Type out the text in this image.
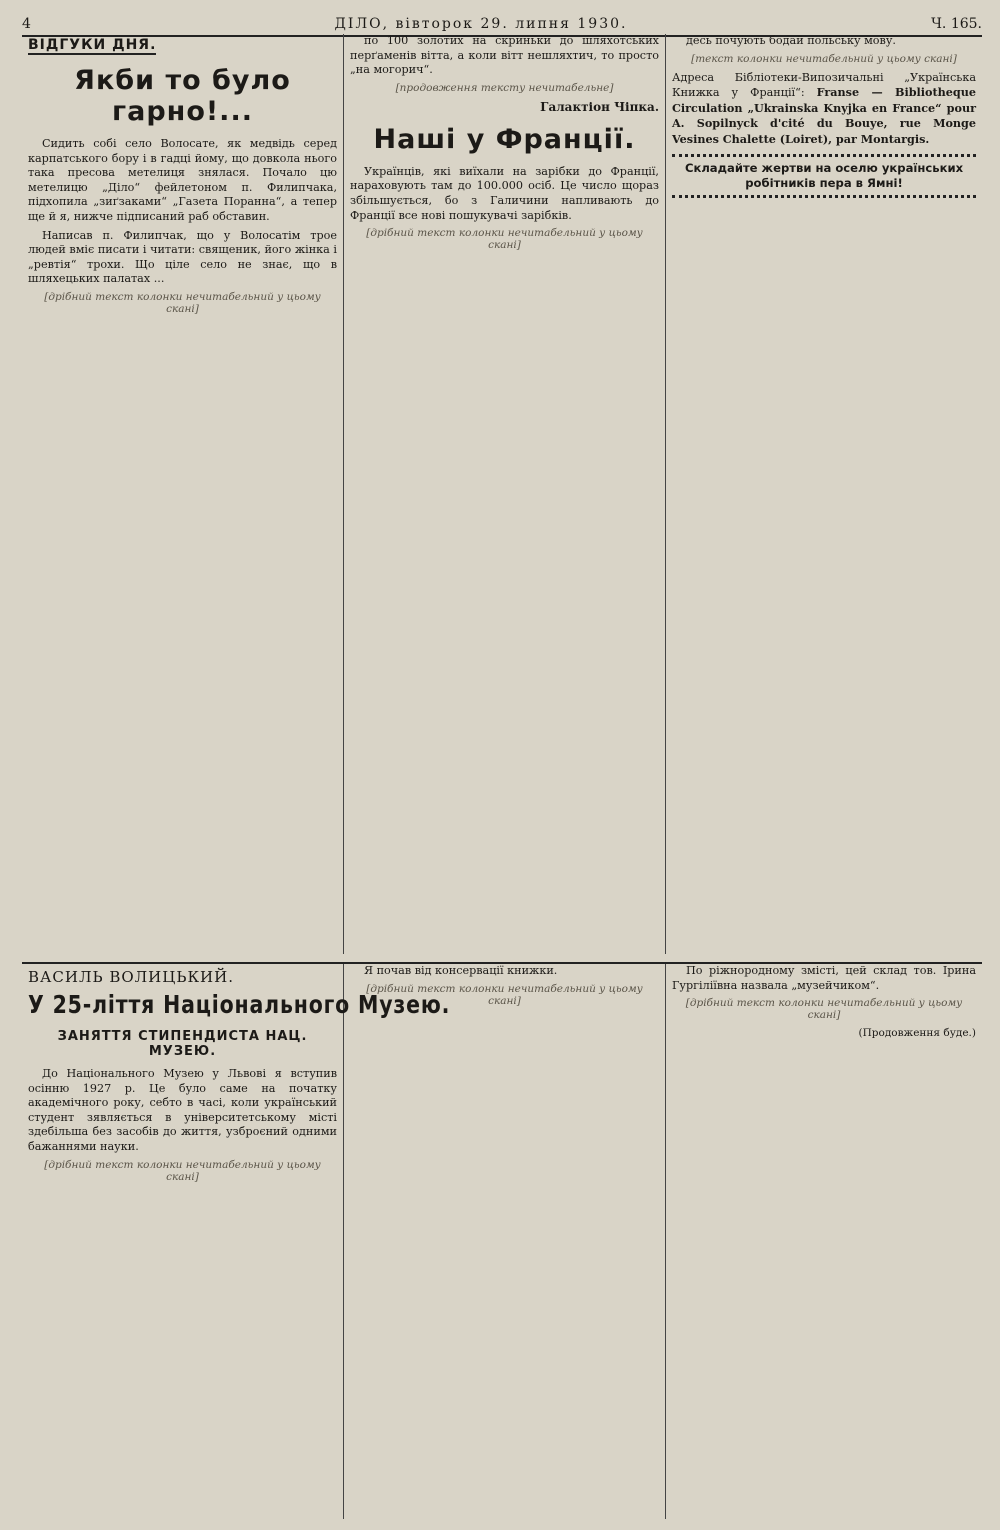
4	ДІЛО, вівторок 29. липня 1930.	Ч. 165.
ВІДГУКИ ДНЯ.
Якби то було гарно!...

Сидить собі село Волосате, як медвідь серед карпатського бору і в гадці йому, що довкола нього така пресова метелиця знялася. Почало цю метелицю „Діло“ фейлетоном п. Филипчака, підхопила „зиґзаками“ „Газета Поранна“, а тепер ще й я, нижче підписаний раб обставин.

Написав п. Филипчак, що у Волосатім трое людей вміє писати і читати: священик, його жінка і „ревтія“ трохи. Що ціле село не знає, що в шляхецьких палатах ...

[дрібний текст колонки нечитабельний у цьому скані]

по 100 золотих на скриньки до шляхотських перґаменів вітта, а коли вітт нешляхтич, то просто „на могорич“.

[продовження тексту нечитабельне]
Галактіон Чіпка.
Наші у Франції.

Українців, які виїхали на зарібки до Франції, нараховують там до 100.000 осіб. Це число щораз збільшується, бо з Галичини напливають до Франції все нові пошукувачі зарібків.

[дрібний текст колонки нечитабельний у цьому скані]

десь почують бодай польську мову.

[текст колонки нечитабельний у цьому скані]
Адреса Бібліотеки-Випозичальні „Українська Книжка у Франції“: Franse — Bibliotheque Circulation „Ukrainska Knyjka en France“ pour A. Sopilnyck d'cité du Bouye, rue Monge Vesines Chalette (Loiret), par Montargis.
Складайте жертви на оселю українських робітників пера в Ямні!
ВАСИЛЬ ВОЛИЦЬКИЙ.
У 25-ліття Національного Музею.
ЗАНЯТТЯ СТИПЕНДИСТА НАЦ. МУЗЕЮ.

До Національного Музею у Львові я вступив осінню 1927 р. Це було саме на початку академічного року, себто в часі, коли український студент зявляється в університетському місті здебільша без засобів до життя, узброєний одними бажаннями науки.

[дрібний текст колонки нечитабельний у цьому скані]

Я почав від консервації книжки.

[дрібний текст колонки нечитабельний у цьому скані]

По ріжнородному змісті, цей склад тов. Ірина Гургіліївна назвала „музейчиком“.

[дрібний текст колонки нечитабельний у цьому скані]
(Продовження буде.)
